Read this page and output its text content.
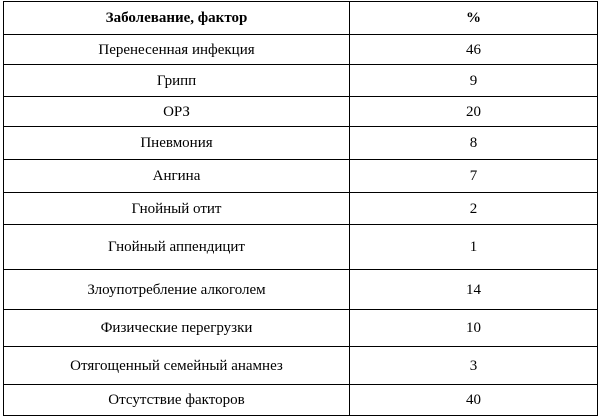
Заболевание, фактор	%
Перенесенная инфекция	46
Грипп	9
ОРЗ	20
Пневмония	8
Ангина	7
Гнойный отит	2
Гнойный аппендицит	1
Злоупотребление алкоголем	14
Физические перегрузки	10
Отягощенный семейный анамнез	3
Отсутствие факторов	40
